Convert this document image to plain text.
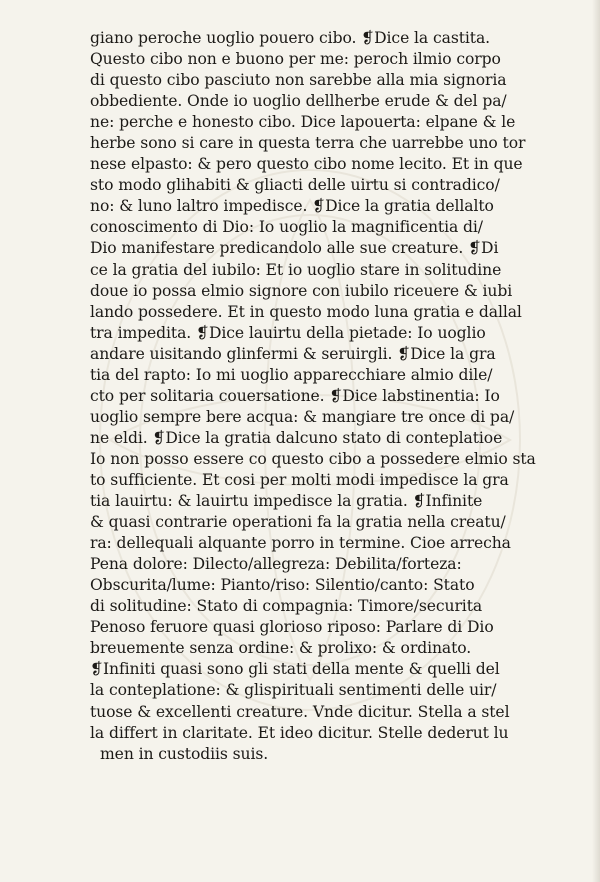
giano peroche uoglio pouero cibo. ❡Dice la castita.
Questo cibo non e buono per me: peroch ilmio corpo
di questo cibo pasciuto non sarebbe alla mia signoria
obbediente. Onde io uoglio dellherbe erude & del pa/
ne: perche e honesto cibo. Dice lapouerta: elpane & le
herbe sono si care in questa terra che uarrebbe uno tor
nese elpasto: & pero questo cibo nome lecito. Et in que
sto modo glihabiti & gliacti delle uirtu si contradico/
no: & luno laltro impedisce. ❡Dice la gratia dellalto
conoscimento di Dio: Io uoglio la magnificentia di/
Dio manifestare predicandolo alle sue creature. ❡Di
ce la gratia del iubilo: Et io uoglio stare in solitudine
doue io possa elmio signore con iubilo riceuere & iubi
lando possedere. Et in questo modo luna gratia e dallal
tra impedita. ❡Dice lauirtu della pietade: Io uoglio
andare uisitando glinfermi & seruirgli. ❡Dice la gra
tia del rapto: Io mi uoglio apparecchiare almio dile/
cto per solitaria couersatione. ❡Dice labstinentia: Io
uoglio sempre bere acqua: & mangiare tre once di pa/
ne eldi. ❡Dice la gratia dalcuno stato di conteplatioe
Io non posso essere co questo cibo a possedere elmio sta
to sufficiente. Et cosi per molti modi impedisce la gra
tia lauirtu: & lauirtu impedisce la gratia. ❡Infinite
& quasi contrarie operationi fa la gratia nella creatu/
ra: dellequali alquante porro in termine. Cioe arrecha
Pena dolore: Dilecto/allegreza: Debilita/forteza:
Obscurita/lume: Pianto/riso: Silentio/canto: Stato
di solitudine: Stato di compagnia: Timore/securita
Penoso feruore quasi glorioso riposo: Parlare di Dio
breuemente senza ordine: & prolixo: & ordinato.
❡Infiniti quasi sono gli stati della mente & quelli del
la conteplatione: & glispirituali sentimenti delle uir/
tuose & excellenti creature. Vnde dicitur. Stella a stel
la differt in claritate. Et ideo dicitur. Stelle dederut lu
men in custodiis suis.
